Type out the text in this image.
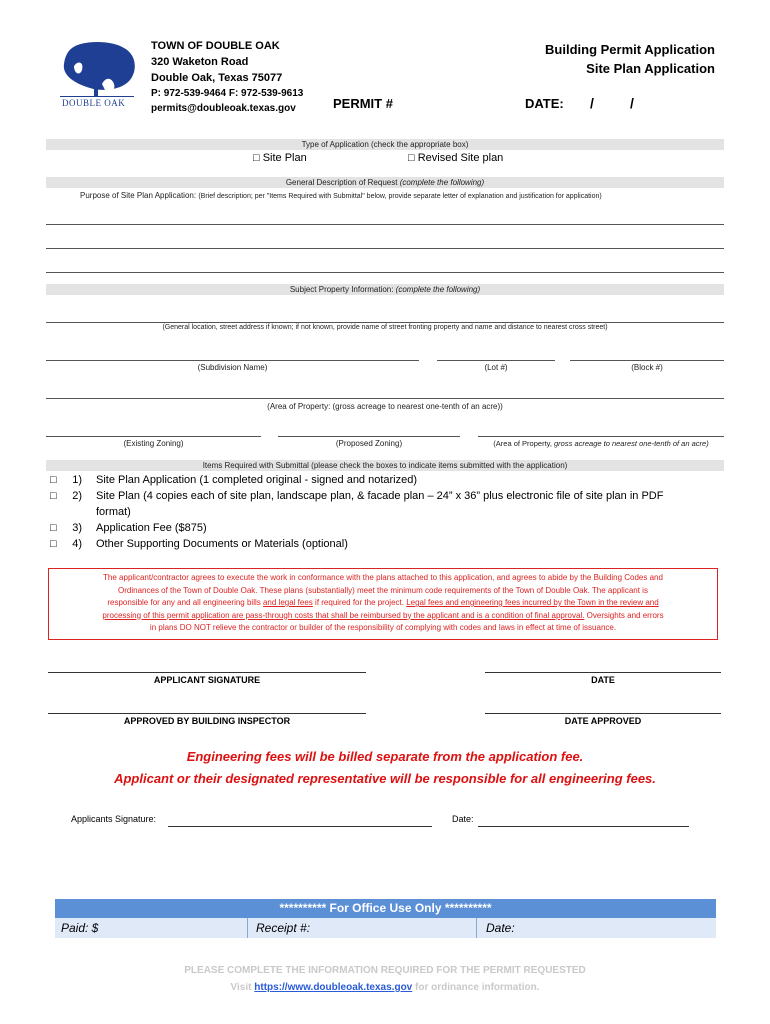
DOUBLE OAK
TOWN OF DOUBLE OAK
320 Waketon Road
Double Oak, Texas 75077
P: 972-539-9464 F: 972-539-9613
permits@doubleoak.texas.gov	PERMIT #
Building Permit Application
Site Plan Application
DATE: /	/
Type of Application (check the appropriate box)
□ Site Plan	□ Revised Site plan
General Description of Request (complete the following)
Purpose of Site Plan Application: (Brief description; per "Items Required with Submittal" below, provide separate letter of explanation and justification for application)
Subject Property Information: (complete the following)
(General location, street address if known; if not known, provide name of street fronting property and name and distance to nearest cross street)
(Subdivision Name)	(Lot #)	(Block #)
(Area of Property: (gross acreage to nearest one-tenth of an acre))
(Existing Zoning)	(Proposed Zoning)	(Area of Property, gross acreage to nearest one-tenth of an acre)
Items Required with Submittal (please check the boxes to indicate items submitted with the application)
□ 1) Site Plan Application (1 completed original - signed and notarized)
□ 2) Site Plan (4 copies each of site plan, landscape plan, & facade plan – 24” x 36” plus electronic file of site plan in PDF
format)
□ 3) Application Fee ($875)
□ 4) Other Supporting Documents or Materials (optional)
The applicant/contractor agrees to execute the work in conformance with the plans attached to this application, and agrees to abide by the Building Codes and
Ordinances of the Town of Double Oak. These plans (substantially) meet the minimum code requirements of the Town of Double Oak. The applicant is
responsible for any and all engineering bills and legal fees if required for the project. Legal fees and engineering fees incurred by the Town in the review and
processing of this permit application are pass-through costs that shall be reimbursed by the applicant and is a condition of final approval. Oversights and errors
in plans DO NOT relieve the contractor or builder of the responsibility of complying with codes and laws in effect at time of issuance.
APPLICANT SIGNATURE	DATE
APPROVED BY BUILDING INSPECTOR	DATE APPROVED
Engineering fees will be billed separate from the application fee.
Applicant or their designated representative will be responsible for all engineering fees.
Applicants Signature:	Date:
********** For Office Use Only **********
Paid: $	Receipt #:	Date:
PLEASE COMPLETE THE INFORMATION REQUIRED FOR THE PERMIT REQUESTED
Visit https://www.doubleoak.texas.gov for ordinance information.
